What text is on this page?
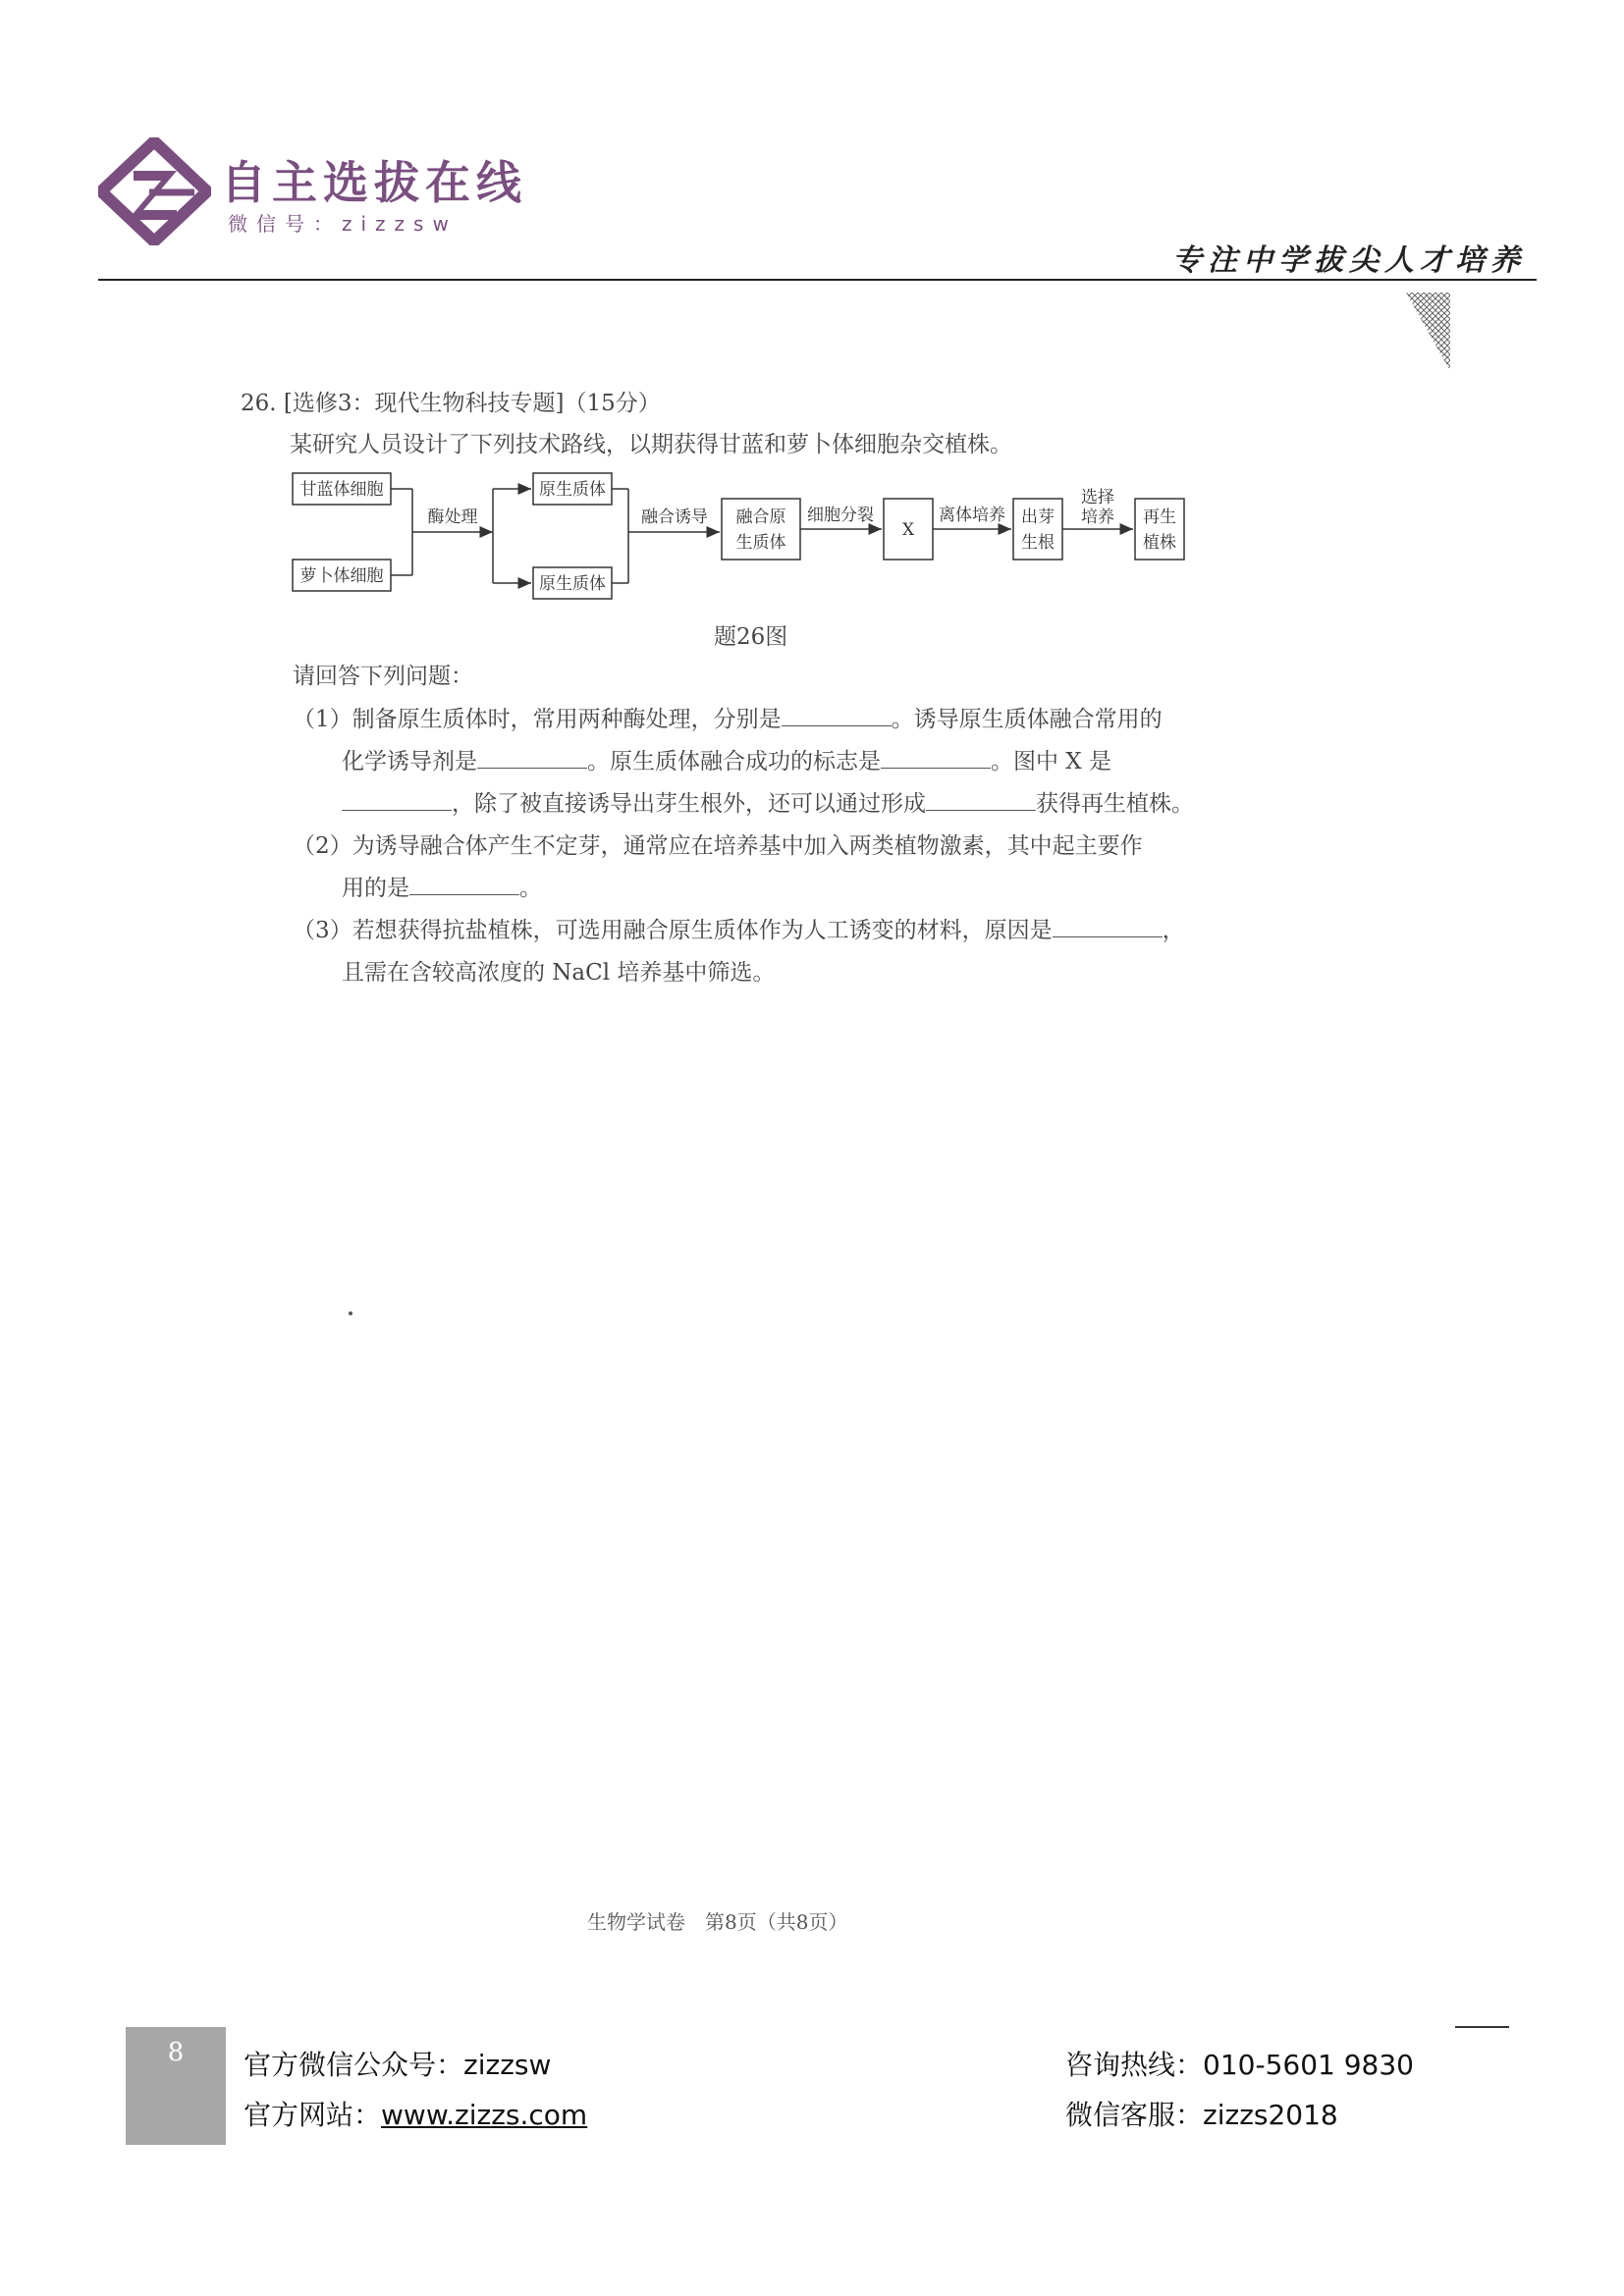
自主选拔在线
微信号：zizzsw
专注中学拔尖人才培养
26. [选修3：现代生物科技专题]（15分）
某研究人员设计了下列技术路线，以期获得甘蓝和萝卜体细胞杂交植株。
甘蓝体细胞
萝卜体细胞
原生质体
原生质体
融合原
生质体
X
出芽
生根
再生
植株
酶处理	融合诱导	细胞分裂	离体培养
选择
培养
题26图
请回答下列问题：
（1）制备原生质体时，常用两种酶处理，分别是	。诱导原生质体融合常用的
化学诱导剂是	。原生质体融合成功的标志是	。图中 X 是
，除了被直接诱导出芽生根外，还可以通过形成	获得再生植株。
（2）为诱导融合体产生不定芽，通常应在培养基中加入两类植物激素，其中起主要作
用的是	。
（3）若想获得抗盐植株，可选用融合原生质体作为人工诱变的材料，原因是	，
且需在含较高浓度的 NaCl 培养基中筛选。
生物学试卷　第8页（共8页）
8	官方微信公众号：zizzsw
官方网站：www.zizzs.com
咨询热线：010-5601 9830
微信客服：zizzs2018
